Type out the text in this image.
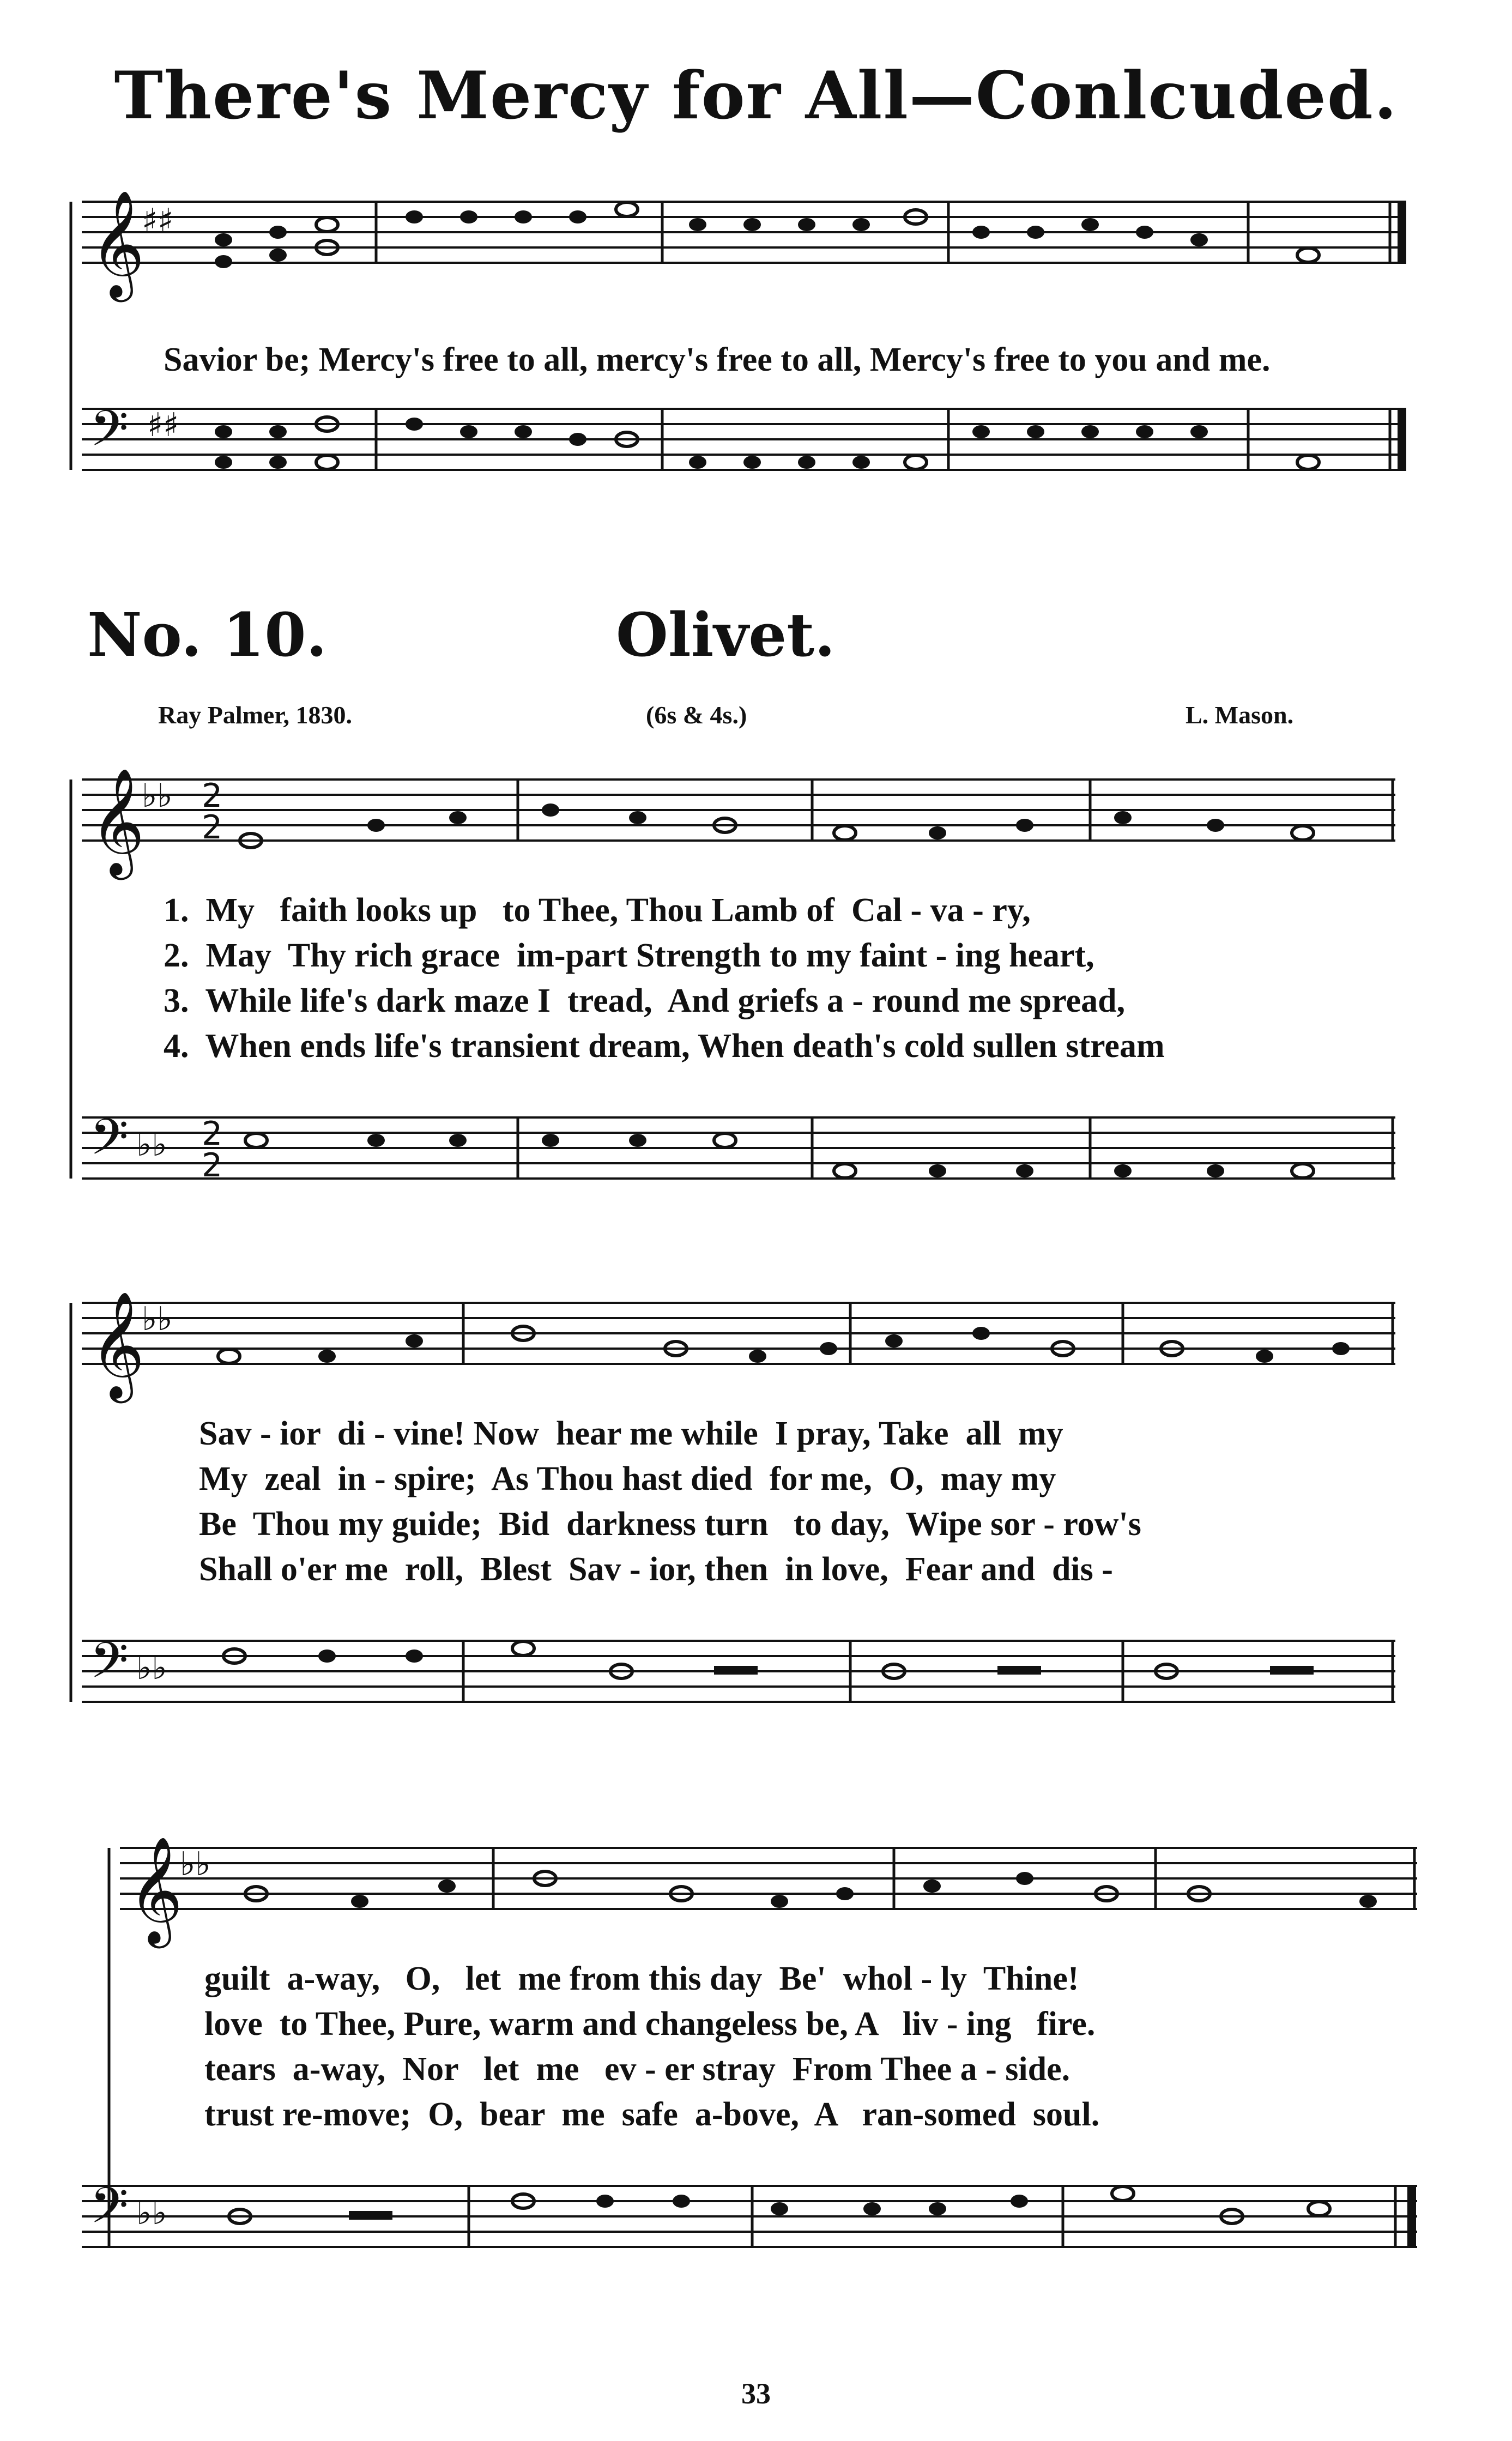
There's Mercy for All—Conlcuded.
𝄞
♯♯
𝄢 ♯♯
Savior be; Mercy's free to all, mercy's free to all, Mercy's free to you and me.
No. 10.	Olivet.
Ray Palmer, 1830.	(6s & 4s.)	L. Mason.
𝄞
♭♭ 2
2
𝄢 ♭♭ 2
2
1.  My   faith looks up   to Thee, Thou Lamb of  Cal - va - ry,
2.  May  Thy rich grace  im-part Strength to my faint - ing heart,
3.  While life's dark maze I  tread,  And griefs a - round me spread,
4.  When ends life's transient dream, When death's cold sullen stream
𝄞
♭♭
𝄢 ♭♭
Sav - ior  di - vine! Now  hear me while  I pray, Take  all  my
My  zeal  in - spire;  As Thou hast died  for me,  O,  may my
Be  Thou my guide;  Bid  darkness turn   to day,  Wipe sor - row's
Shall o'er me  roll,  Blest  Sav - ior, then  in love,  Fear and  dis -
𝄞
♭♭
𝄢 ♭♭
guilt  a-way,   O,   let  me from this day  Be'  whol - ly  Thine!
love  to Thee, Pure, warm and changeless be, A   liv - ing   fire.
tears  a-way,  Nor   let  me   ev - er stray  From Thee a - side.
trust re-move;  O,  bear  me  safe  a-bove,  A   ran-somed  soul.
33
